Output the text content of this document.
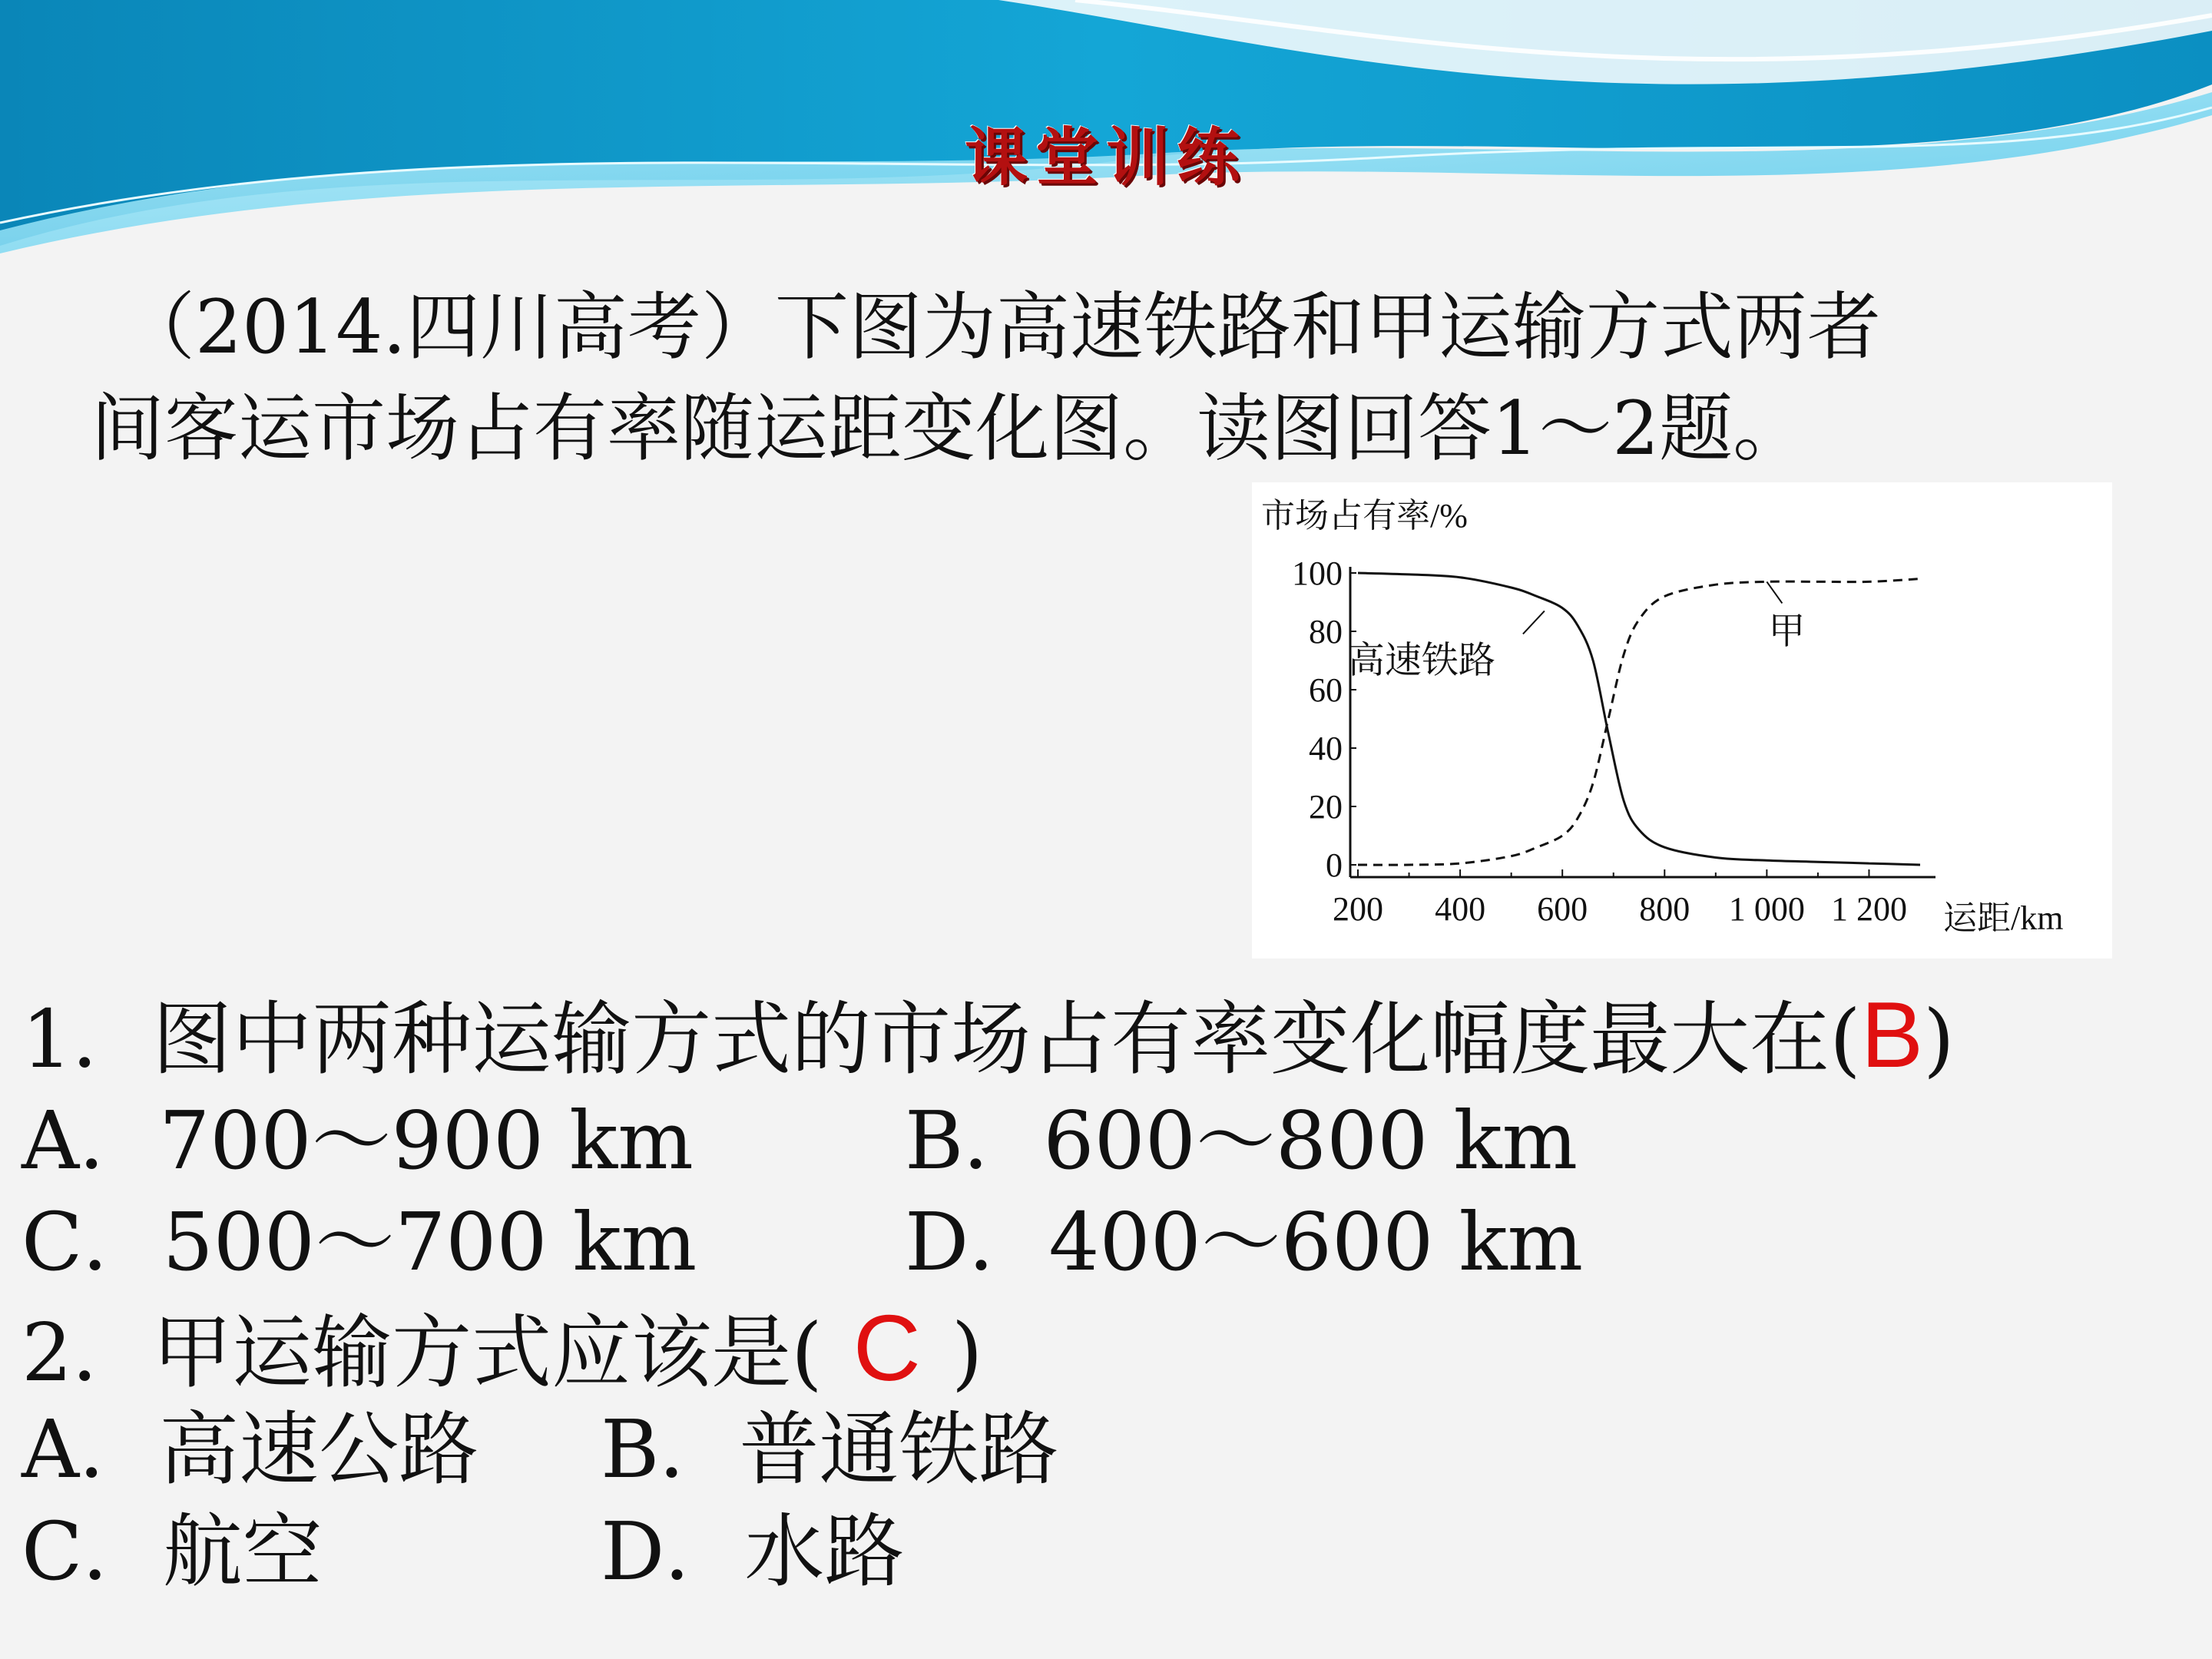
课堂训练
（2014.四川高考）下图为高速铁路和甲运输方式两者
间客运市场占有率随运距变化图。读图回答1～2题。
市场占有率/%
运距/km
100
80
60
40
20
0
200 400 600 800 1 000 1 200
高速铁路
甲
1．图中两种运输方式的市场占有率变化幅度最大在(B)
A．700～900 km	B．600～800 km
C．500～700 km	D．400～600 km
2．甲运输方式应该是( C )
A．高速公路 B．普通铁路
C．航空	D．水路
